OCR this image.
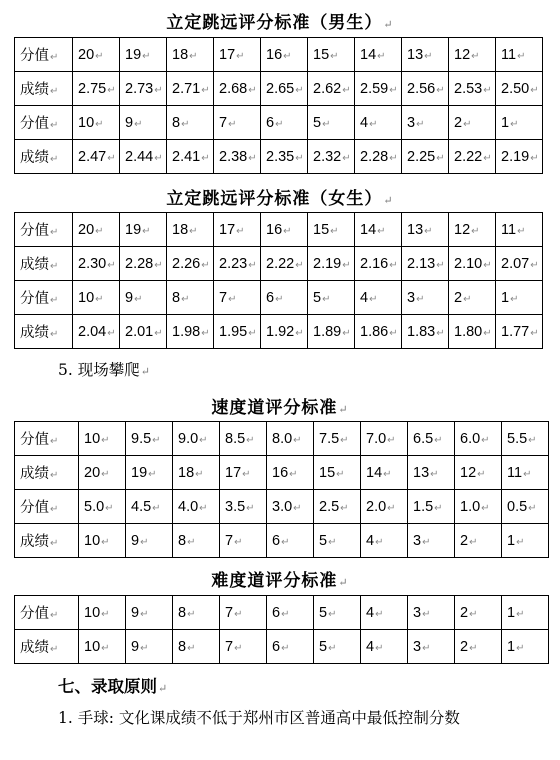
立定跳远评分标准（男生）↵
分值↵	20↵	19↵	18↵	17↵	16↵	15↵	14↵	13↵	12↵	11↵
成绩↵	2.75↵	2.73↵	2.71↵	2.68↵	2.65↵	2.62↵	2.59↵	2.56↵	2.53↵	2.50↵
分值↵	10↵	9↵	8↵	7↵	6↵	5↵	4↵	3↵	2↵	1↵
成绩↵	2.47↵	2.44↵	2.41↵	2.38↵	2.35↵	2.32↵	2.28↵	2.25↵	2.22↵	2.19↵
立定跳远评分标准（女生）↵
分值↵	20↵	19↵	18↵	17↵	16↵	15↵	14↵	13↵	12↵	11↵
成绩↵	2.30↵	2.28↵	2.26↵	2.23↵	2.22↵	2.19↵	2.16↵	2.13↵	2.10↵	2.07↵
分值↵	10↵	9↵	8↵	7↵	6↵	5↵	4↵	3↵	2↵	1↵
成绩↵	2.04↵	2.01↵	1.98↵	1.95↵	1.92↵	1.89↵	1.86↵	1.83↵	1.80↵	1.77↵
5. 现场攀爬↵
速度道评分标准↵
分值↵	10↵	9.5↵	9.0↵	8.5↵	8.0↵	7.5↵	7.0↵	6.5↵	6.0↵	5.5↵
成绩↵	20↵	19↵	18↵	17↵	16↵	15↵	14↵	13↵	12↵	11↵
分值↵	5.0↵	4.5↵	4.0↵	3.5↵	3.0↵	2.5↵	2.0↵	1.5↵	1.0↵	0.5↵
成绩↵	10↵	9↵	8↵	7↵	6↵	5↵	4↵	3↵	2↵	1↵
难度道评分标准↵
分值↵	10↵	9↵	8↵	7↵	6↵	5↵	4↵	3↵	2↵	1↵
成绩↵	10↵	9↵	8↵	7↵	6↵	5↵	4↵	3↵	2↵	1↵
七、录取原则↵
1. 手球: 文化课成绩不低于郑州市区普通高中最低控制分数
